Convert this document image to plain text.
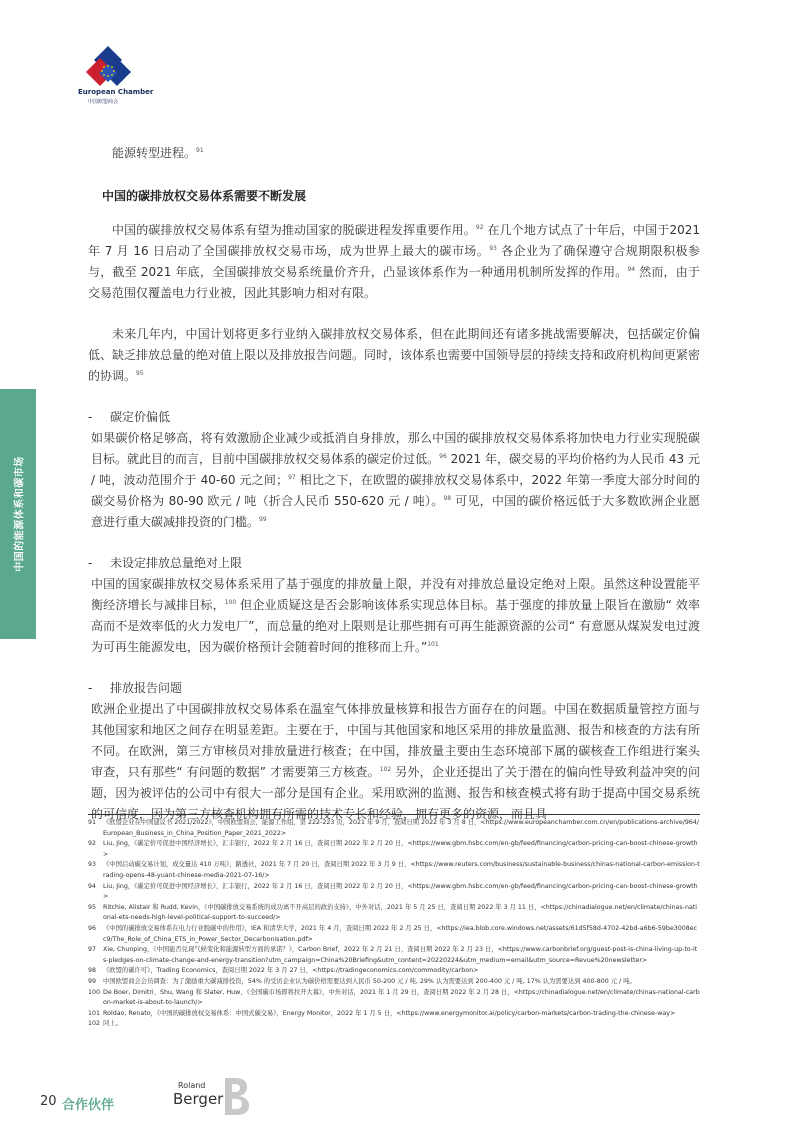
European Chamber
中国欧盟商会
中国的能源体系和碳市场

能源转型进程。$^{91}$

中国的碳排放权交易体系需要不断发展

中国的碳排放权交易体系有望为推动国家的脱碳进程发挥重要作用。$^{92}$ 在几个地方试点了十年后，中国于2021 年 7 月 16 日启动了全国碳排放权交易市场，成为世界上最大的碳市场。$^{93}$ 各企业为了确保遵守合规期限积极参与，截至 2021 年底，全国碳排放交易系统量价齐升，凸显该体系作为一种通用机制所发挥的作用。$^{94}$ 然而，由于交易范围仅覆盖电力行业被，因此其影响力相对有限。

未来几年内，中国计划将更多行业纳入碳排放权交易体系，但在此期间还有诸多挑战需要解决，包括碳定价偏低、缺乏排放总量的绝对值上限以及排放报告问题。同时，该体系也需要中国领导层的持续支持和政府机构间更紧密的协调。$^{95}$

- 碳定价偏低

如果碳价格足够高，将有效激励企业减少或抵消自身排放，那么中国的碳排放权交易体系将加快电力行业实现脱碳目标。就此目的而言，目前中国碳排放权交易体系的碳定价过低。$^{96}$ 2021 年，碳交易的平均价格约为人民币 43 元 / 吨，波动范围介于 40-60 元之间；$^{97}$ 相比之下，在欧盟的碳排放权交易体系中，2022 年第一季度大部分时间的碳交易价格为 80-90 欧元 / 吨（折合人民币 550-620 元 / 吨）。$^{98}$ 可见，中国的碳价格远低于大多数欧洲企业愿意进行重大碳减排投资的门槛。$^{99}$

- 未设定排放总量绝对上限

中国的国家碳排放权交易体系采用了基于强度的排放量上限，并没有对排放总量设定绝对上限。虽然这种设置能平衡经济增长与减排目标，$^{100}$ 但企业质疑这是否会影响该体系实现总体目标。基于强度的排放量上限旨在激励“ 效率高而不是效率低的火力发电厂”，而总量的绝对上限则是让那些拥有可再生能源资源的公司“ 有意愿从煤炭发电过渡为可再生能源发电，因为碳价格预计会随着时间的推移而上升。”$^{101}$

- 排放报告问题

欧洲企业提出了中国碳排放权交易体系在温室气体排放量核算和报告方面存在的问题。中国在数据质量管控方面与其他国家和地区之间存在明显差距。主要在于，中国与其他国家和地区采用的排放量监测、报告和核查的方法有所不同。在欧洲，第三方审核员对排放量进行核查；在中国，排放量主要由生态环境部下属的碳核查工作组进行案头审查，只有那些“ 有问题的数据” 才需要第三方核查。$^{102}$ 另外，企业还提出了关于潜在的偏向性导致利益冲突的问题，因为被评估的公司中有很大一部分是国有企业。采用欧洲的监测、报告和核查模式将有助于提高中国交易系统的可信度，因为第三方核查机构拥有所需的技术专长和经验，拥有更多的资源，而且具

91 《欧盟企业在中国建议书 2021/2022》，中国欧盟商会，能源工作组，第 222-223 页，2021 年 9 月，查阅日期 2022 年 3 月 8 日，<https://www.europeanchamber.com.cn/en/publications-archive/964/European_Business_in_China_Position_Paper_2021_2022>
92 Liu, Jing，《碳定价可促进中国经济增长》，汇丰银行，2022 年 2 月 16 日，查阅日期 2022 年 2 月 20 日，<https://www.gbm.hsbc.com/en-gb/feed/financing/carbon-pricing-can-boost-chinese-growth>
93 《中国启动碳交易计划，成交量达 410 万吨》，路透社，2021 年 7 月 20 日，查阅日期 2022 年 3 月 9 日，<https://www.reuters.com/business/sustainable-business/chinas-national-carbon-emission-trading-opens-48-yuant-chinese-media-2021-07-16/>
94 Liu, Jing，《碳定价可促进中国经济增长》，汇丰银行，2022 年 2 月 16 日，查阅日期 2022 年 2 月 20 日，<https://www.gbm.hsbc.com/en-gb/feed/financing/carbon-pricing-can-boost-chinese-growth>
95 Ritchie, Alistair 和 Rudd, Kevin，《中国碳排放交易系统的成功离不开高层的政治支持》，中外对话，2021 年 5 月 25 日，查阅日期 2022 年 3 月 11 日，<https://chinadialogue.net/en/climate/chinas-national-ets-needs-high-level-political-support-to-succeed/>
96 《中国的碳排放交易体系在电力行业脱碳中的作用》，IEA 和清华大学，2021 年 4 月，查阅日期 2022 年 2 月 25 日，<https://iea.blob.core.windows.net/assets/61d5f58d-4702-42bd-a6b6-59be3008ecc9/The_Role_of_China_ETS_in_Power_Sector_Decarbonisation.pdf>
97 Xie, Chunping，《中国能否兑现气候变化和能源转型方面的承诺？》，Carbon Brief，2022 年 2 月 21 日，查阅日期 2022 年 2 月 23 日，<https://www.carbonbrief.org/guest-post-is-china-living-up-to-its-pledges-on-climate-change-and-energy-transition?utm_campaign=China%20Briefing&utm_content=20220224&utm_medium=email&utm_source=Revue%20newsletter>
98 《欧盟的碳许可》，Trading Economics，查阅日期 2022 年 3 月 27 日，<https://tradingeconomics.com/commodity/carbon>
99 中国欧盟商会会员调查：为了激励重大碳减排投资，54% 的受访企业认为碳价格需要达到人民币 50-200 元 / 吨, 29% 认为需要达到 200-400 元 / 吨, 17% 认为需要达到 400-800 元 / 吨。
100 De Boer, Dimitri、Shu, Wang 和 Slater, Huw，《全国碳市场即将拉开大幕》，中外对话，2021 年 1 月 29 日，查阅日期 2022 年 2 月 28 日，<https://chinadialogue.net/en/climate/chinas-national-carbon-market-is-about-to-launch/>
101 Roldao, Renato，《中国的碳排放权交易体系：中国式碳交易》，Energy Monitor，2022 年 1 月 5 日，<https://www.energymonitor.ai/policy/carbon-markets/carbon-trading-the-chinese-way>
102 同上。
20 合作伙伴
Roland
Berger
